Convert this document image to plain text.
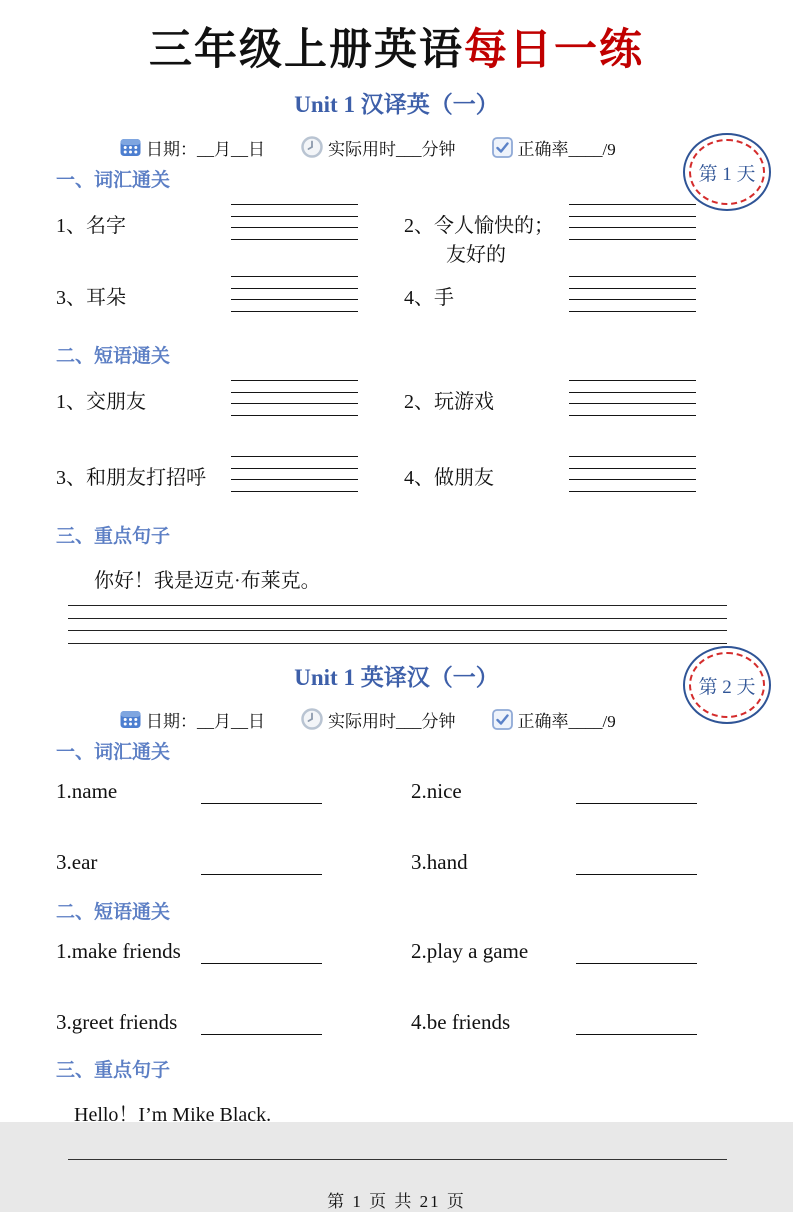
三年级上册英语每日一练
Unit 1 汉译英（一）
日期：__月__日	实际用时___分钟	正确率____/9
一、词汇通关
1、名字	2、令人愉快的；
友好的
3、耳朵	4、手
二、短语通关
1、交朋友	2、玩游戏
3、和朋友打招呼	4、做朋友
三、重点句子
你好！我是迈克·布莱克。
Unit 1 英译汉（一）
日期：__月__日	实际用时___分钟	正确率____/9
一、词汇通关
1.name	2.nice
3.ear	3.hand
二、短语通关
1.make friends	2.play a game
3.greet friends	4.be friends
三、重点句子
Hello！I’m Mike Black.
第 1 页 共 21 页
第 1 天
第 2 天
